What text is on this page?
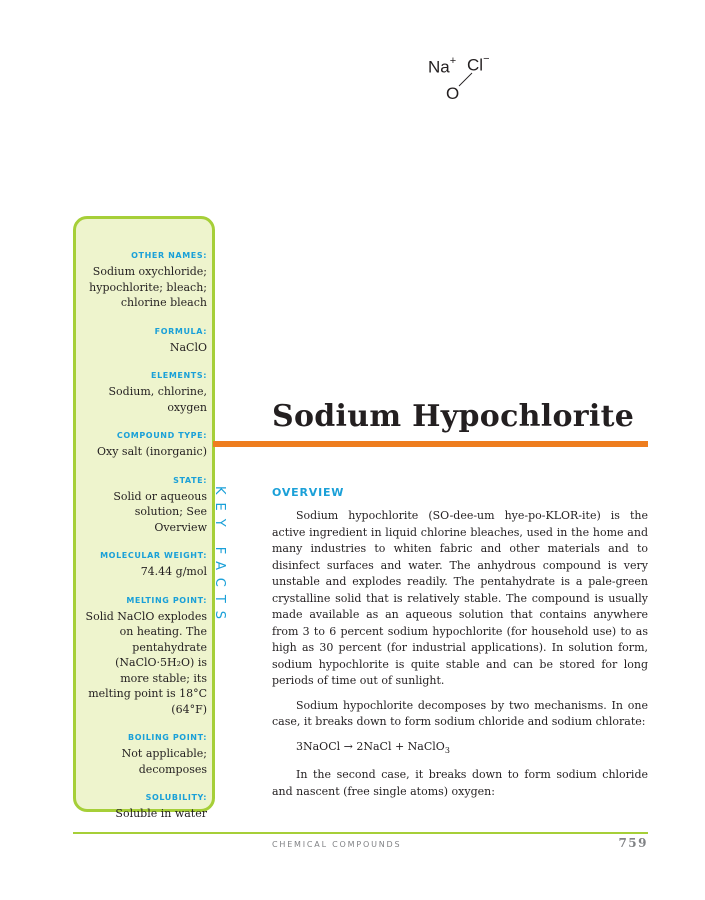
Na+ Cl−
O
OTHER NAMES:
Sodium oxychloride; hypochlorite; bleach; chlorine bleach
FORMULA:
NaClO
ELEMENTS:
Sodium, chlorine, oxygen
COMPOUND TYPE:
Oxy salt (inorganic)
STATE:
Solid or aqueous solution; See Overview
MOLECULAR WEIGHT:
74.44 g/mol
MELTING POINT:
Solid NaClO explodes on heating. The pentahydrate (NaClO·5H₂O) is more stable; its melting point is 18°C (64°F)
BOILING POINT:
Not applicable; decomposes
SOLUBILITY:
Soluble in water
KEY FACTS
Sodium Hypochlorite
OVERVIEW

Sodium hypochlorite (SO-dee-um hye-po-KLOR-ite) is the active ingredient in liquid chlorine bleaches, used in the home and many industries to whiten fabric and other materials and to disinfect surfaces and water. The anhydrous compound is very unstable and explodes readily. The pentahydrate is a pale-green crystalline solid that is relatively stable. The compound is usually made available as an aqueous solution that contains anywhere from 3 to 6 percent sodium hypochlorite (for household use) to as high as 30 percent (for industrial applications). In solution form, sodium hypochlorite is quite stable and can be stored for long periods of time out of sunlight.

Sodium hypochlorite decomposes by two mechanisms. In one case, it breaks down to form sodium chloride and sodium chlorate:

3NaOCl → 2NaCl + NaClO$_3$

In the second case, it breaks down to form sodium chloride and nascent (free single atoms) oxygen:

CHEMICAL COMPOUNDS	759
